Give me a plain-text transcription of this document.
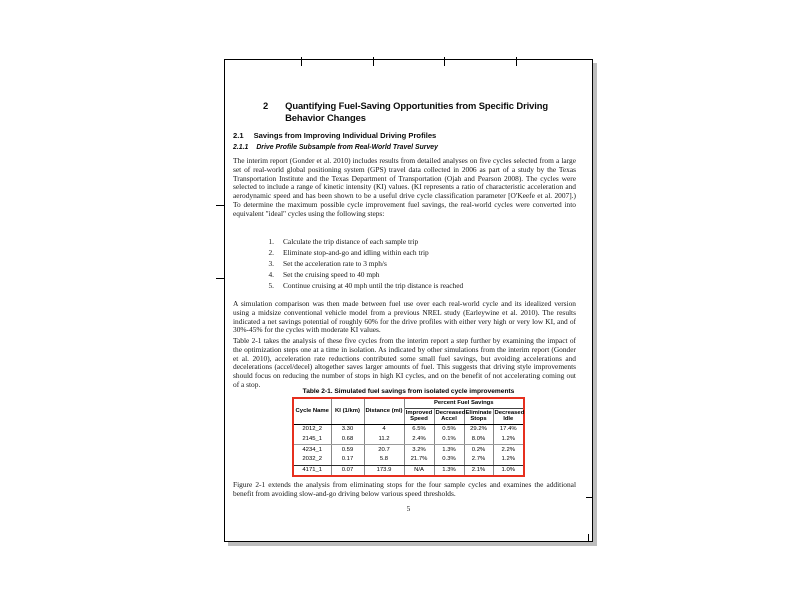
2 Quantifying Fuel-Saving Opportunities from Specific Driving Behavior Changes
2.1 Savings from Improving Individual Driving Profiles
2.1.1 Drive Profile Subsample from Real-World Travel Survey
The interim report (Gonder et al. 2010) includes results from detailed analyses on five cycles selected from a large set of real-world global positioning system (GPS) travel data collected in 2006 as part of a study by the Texas Transportation Institute and the Texas Department of Transportation (Ojah and Pearson 2008). The cycles were selected to include a range of kinetic intensity (KI) values. (KI represents a ratio of characteristic acceleration and aerodynamic speed and has been shown to be a useful drive cycle classification parameter [O'Keefe et al. 2007].) To determine the maximum possible cycle improvement fuel savings, the real-world cycles were converted into equivalent "ideal" cycles using the following steps:
1. Calculate the trip distance of each sample trip
2. Eliminate stop-and-go and idling within each trip
3. Set the acceleration rate to 3 mph/s
4. Set the cruising speed to 40 mph
5. Continue cruising at 40 mph until the trip distance is reached
A simulation comparison was then made between fuel use over each real-world cycle and its idealized version using a midsize conventional vehicle model from a previous NREL study (Earleywine et al. 2010). The results indicated a net savings potential of roughly 60% for the drive profiles with either very high or very low KI, and of 30%-45% for the cycles with moderate KI values.
Table 2-1 takes the analysis of these five cycles from the interim report a step further by examining the impact of the optimization steps one at a time in isolation. As indicated by other simulations from the interim report (Gonder et al. 2010), acceleration rate reductions contributed some small fuel savings, but avoiding accelerations and decelerations (accel/decel) altogether saves larger amounts of fuel. This suggests that driving style improvements should focus on reducing the number of stops in high KI cycles, and on the benefit of not accelerating coming out of a stop.
Table 2-1. Simulated fuel savings from isolated cycle improvements
Cycle Name	KI (1/km)	Distance (mi)	Percent Fuel Savings			
			Improved Speed	Decreased Accel	Eliminate Stops	Decreased Idle
2012_2	3.30	4	6.5%	0.5%	29.2%	17.4%
2145_1	0.68	11.2	2.4%	0.1%	8.0%	1.2%
4234_1	0.59	20.7	3.2%	1.3%	0.2%	2.2%
2032_2	0.17	5.8	21.7%	0.3%	2.7%	1.2%
4171_1	0.07	173.9	N/A	1.3%	2.1%	1.0%
Figure 2-1 extends the analysis from eliminating stops for the four sample cycles and examines the additional benefit from avoiding slow-and-go driving below various speed thresholds.
5
